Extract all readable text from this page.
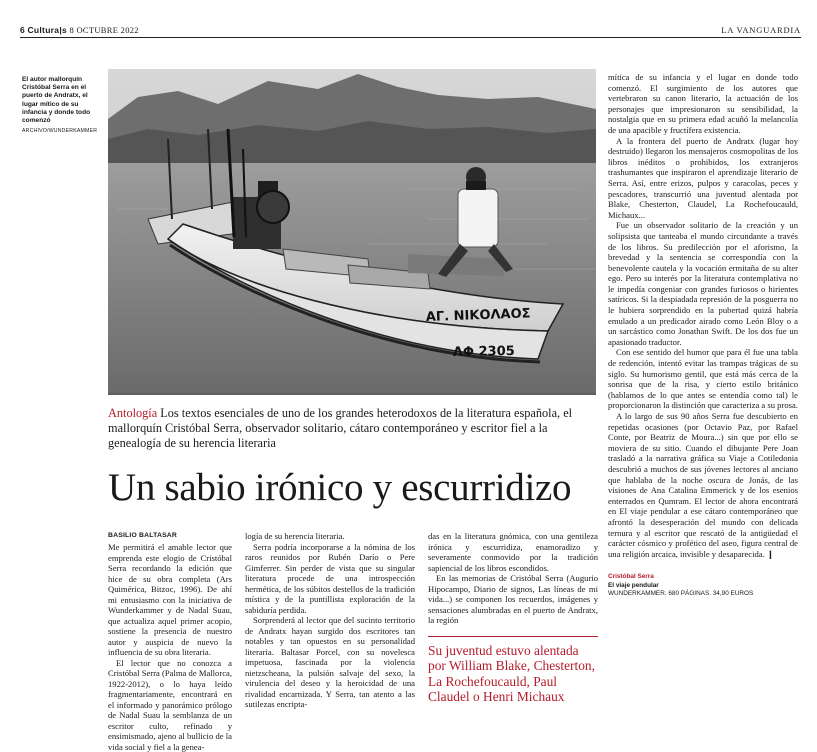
6 Cultura|s 8 OCTUBRE 2022	LA VANGUARDIA
El autor mallorquín Cristóbal Serra en el puerto de Andratx, el lugar mítico de su infancia y donde todo comenzó
ARCHIVO/WUNDERKAMMER
ΑΓ. ΝΙΚΟΛΑΟΣ
ΛΦ 2305

mítica de su infancia y el lugar en donde todo comenzó. El surgimiento de los autores que vertebraron su canon literario, la actuación de los personajes que impresionaron su sensibilidad, la nostalgia que en su primera edad acuñó la melancolía de una apacible y fructífera existencia.

A la frontera del puerto de Andratx (lugar hoy destruido) llegaron los mensajeros cosmopolitas de los libros inéditos o prohibidos, los extranjeros trashumantes que inspiraron el aprendizaje literario de Serra. Así, entre erizos, pulpos y caracolas, peces y pescadores, transcurrió una juventud alentada por Blake, Chesterton, Claudel, La Rochefoucauld, Michaux...

Fue un observador solitario de la creación y un solipsista que tanteaba el mundo circundante a través de los libros. Su predilección por el aforismo, la brevedad y la sentencia se correspondía con la benevolente cautela y la vocación ermitaña de su alter ego. Pero su interés por la literatura contemplativa no le impedía congeniar con grandes furiosos o hirientes satíricos. Si la despiadada represión de la posguerra no le hubiera sorprendido en la pubertad quizá habría emulado a un predicador airado como León Bloy o a un sarcástico como Jonathan Swift. De los dos fue un apasionado traductor.

Con ese sentido del humor que para él fue una tabla de redención, intentó evitar las trampas trágicas de su siglo. Su humorismo gentil, que está más cerca de la sonrisa que de la risa, y cierto estilo británico (hablamos de lo que antes se entendía como tal) le proporcionaron la distinción que caracteriza a su prosa.

A lo largo de sus 90 años Serra fue descubierto en repetidas ocasiones (por Octavio Paz, por Rafael Conte, por Beatriz de Moura...) sin que por ello se moviera de su sitio. Cuando el dibujante Pere Joan trasladó a la narrativa gráfica su Viaje a Cotiledonia descubrió a muchos de sus jóvenes lectores al anciano que hablaba de la noche oscura de Jonás, de las visiones de Ana Catalina Emmerick y de los esenios enterrados en Qumram. El lector de ahora encontrará en El viaje pendular a ese cátaro contemporáneo que afrontó la desesperación del mundo con delicada ternura y al escritor que rescató de la antigüedad el carácter cósmico y profético del aseo, figura central de una religión arcaica, invisible y desaparecida. ❙

Cristóbal Serra
El viaje pendular
WUNDERKAMMER. 680 PÁGINAS. 34,90 EUROS
Antología Los textos esenciales de uno de los grandes heterodoxos de la literatura española, el mallorquín Cristóbal Serra, observador solitario, cátaro contemporáneo y escritor fiel a la genealogía de su herencia literaria
Un sabio irónico y escurridizo
BASILIO BALTASAR

Me permitirá el amable lector que emprenda este elogio de Cristóbal Serra recordando la edición que hice de su obra completa (Ars Quimérica, Bitzoc, 1996). De ahí mi entusiasmo con la iniciativa de Wunderkammer y de Nadal Suau, que actualiza aquel primer acopio, sostiene la presencia de nuestro autor y auspicia de nuevo la influencia de su obra literaria.

El lector que no conozca a Cristóbal Serra (Palma de Mallorca, 1922-2012), o lo haya leído fragmentariamente, encontrará en el informado y panorámico prólogo de Nadal Suau la semblanza de un escritor culto, refinado y ensimismado, ajeno al bullicio de la vida social y fiel a la genea-

logía de su herencia literaria.

Serra podría incorporarse a la nómina de los raros reunidos por Rubén Darío o Pere Gimferrer. Sin perder de vista que su singular literatura procede de una introspección hermética, de los súbitos destellos de la tradición mística y de la puntillista exploración de la sabiduría perdida.

Sorprenderá al lector que del sucinto territorio de Andratx hayan surgido dos escritores tan notables y tan opuestos en su personalidad literaria. Baltasar Porcel, con su novelesca impetuosa, fascinada por la violencia nietzscheana, la pulsión salvaje del sexo, la virulencia del deseo y la heroicidad de una rivalidad encarnizada. Y Serra, tan atento a las sutilezas encripta-

das en la literatura gnómica, con una gentileza irónica y escurridiza, enamoradizo y severamente conmovido por la tradición sapiencial de los libros escondidos.

En las memorias de Cristóbal Serra (Augurio Hipocampo, Diario de signos, Las líneas de mi vida...) se componen los recuerdos, imágenes y sensaciones alumbradas en el puerto de Andratx, la región

Su juventud estuvo alentada por William Blake, Chesterton, La Rochefoucauld, Paul Claudel o Henri Michaux
